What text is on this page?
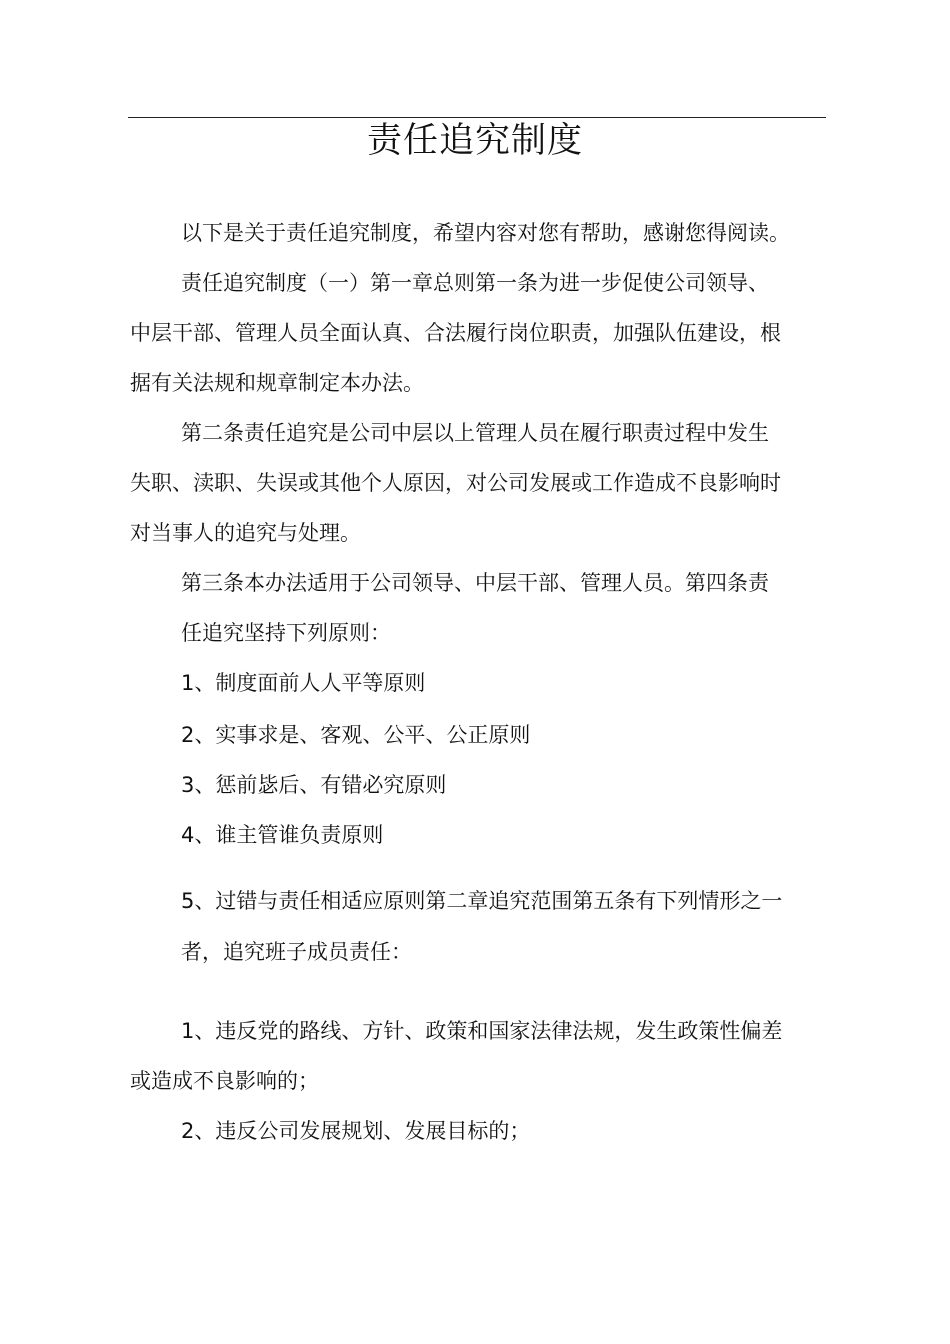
责任追究制度
以下是关于责任追究制度，希望内容对您有帮助，感谢您得阅读。
责任追究制度（一）第一章总则第一条为进一步促使公司领导、
中层干部、管理人员全面认真、合法履行岗位职责，加强队伍建设，根
据有关法规和规章制定本办法。
第二条责任追究是公司中层以上管理人员在履行职责过程中发生
失职、渎职、失误或其他个人原因，对公司发展或工作造成不良影响时
对当事人的追究与处理。
第三条本办法适用于公司领导、中层干部、管理人员。第四条责
任追究坚持下列原则：
1、制度面前人人平等原则
2、实事求是、客观、公平、公正原则
3、惩前毖后、有错必究原则
4、谁主管谁负责原则
5、过错与责任相适应原则第二章追究范围第五条有下列情形之一
者，追究班子成员责任：
1、违反党的路线、方针、政策和国家法律法规，发生政策性偏差
或造成不良影响的；
2、违反公司发展规划、发展目标的；
